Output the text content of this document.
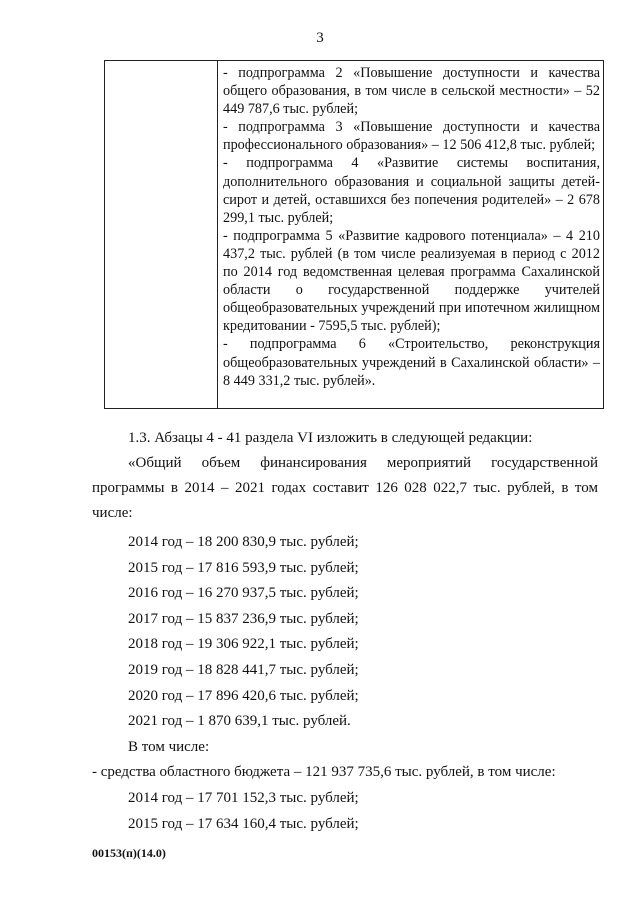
3

- подпрограмма 2 «Повышение доступности и качества общего образования, в том числе в сельской местности» – 52 449 787,6 тыс. рублей;

- подпрограмма 3 «Повышение доступности и качества профессионального образования» – 12 506 412,8 тыс. рублей;

- подпрограмма 4 «Развитие системы воспитания, дополнительного образования и социальной защиты детей-сирот и детей, оставшихся без попечения родителей» – 2 678 299,1 тыс. рублей;

- подпрограмма 5 «Развитие кадрового потенциала» – 4 210 437,2 тыс. рублей (в том числе реализуемая в период с 2012 по 2014 год ведомственная целевая программа Сахалинской области о государственной поддержке учителей общеобразовательных учреждений при ипотечном жилищном кредитовании - 7595,5 тыс. рублей);

- подпрограмма 6 «Строительство, реконструкция общеобразовательных учреждений в Сахалинской области» – 8 449 331,2 тыс. рублей».

1.3. Абзацы 4 - 41 раздела VI изложить в следующей редакции:

«Общий объем финансирования мероприятий государственной программы в 2014 – 2021 годах составит 126 028 022,7 тыс. рублей, в том числе:

2014 год – 18 200 830,9 тыс. рублей;

2015 год – 17 816 593,9 тыс. рублей;

2016 год – 16 270 937,5 тыс. рублей;

2017 год – 15 837 236,9 тыс. рублей;

2018 год – 19 306 922,1 тыс. рублей;

2019 год – 18 828 441,7 тыс. рублей;

2020 год – 17 896 420,6 тыс. рублей;

2021 год – 1 870 639,1 тыс. рублей.

В том числе:

- средства областного бюджета – 121 937 735,6 тыс. рублей, в том числе:

2014 год – 17 701 152,3 тыс. рублей;

2015 год – 17 634 160,4 тыс. рублей;

00153(п)(14.0)
